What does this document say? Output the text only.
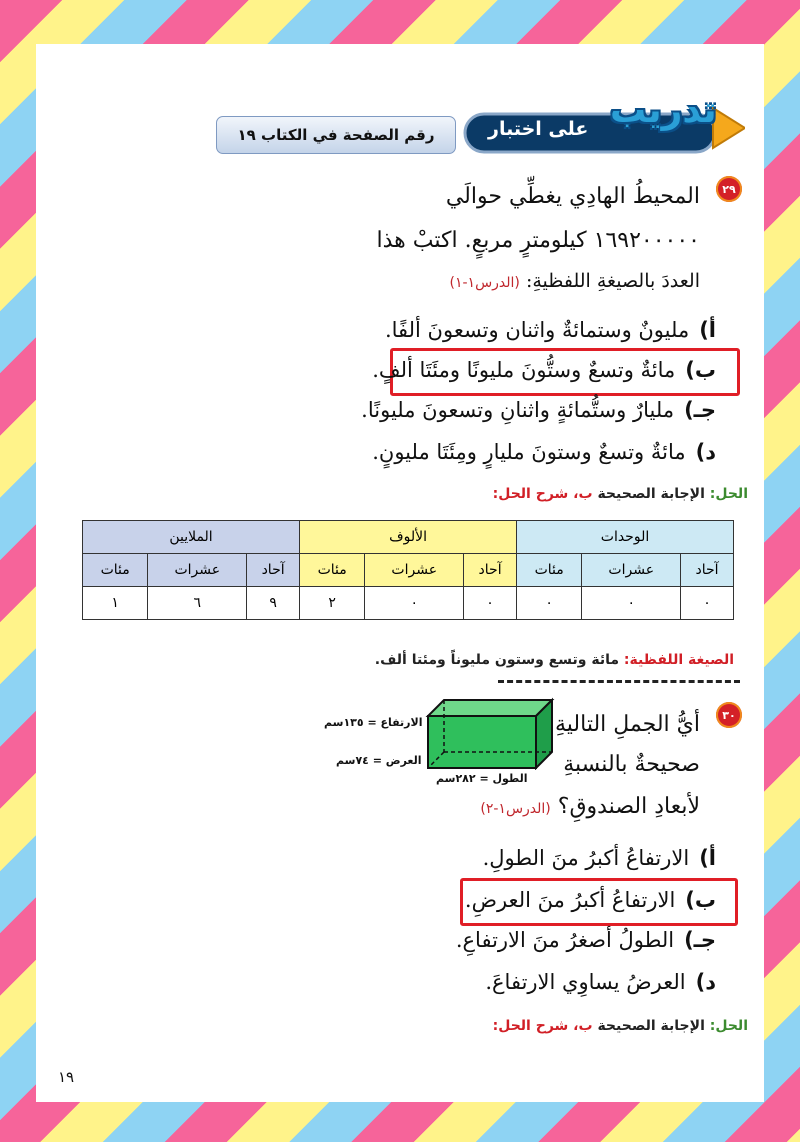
تدريب
على اختبار
رقم الصفحة في الكتاب ١٩
٢٩
المحيطُ الهادِي يغطِّي حوالَي
١٦٩٢٠٠٠٠٠ كيلومترٍ مربعٍ. اكتبْ هذا
العددَ بالصيغةِ اللفظيةِ: (الدرس١-١)
أ)مليونٌ وستمائةٌ واثنان وتسعونَ ألفًا.
ب)مائةٌ وتسعٌ وستُّونَ مليونًا ومئَتَا ألفٍ.
جـ)مليارٌ وستُّمائةٍ واثنانِ وتسعونَ مليونًا.
د)مائةٌ وتسعٌ وستونَ مليارٍ ومِئَتَا مليونٍ.
الحل: الإجابة الصحيحة ب، شرح الحل:
الوحدات			الألوف			الملايين		
آحاد	عشرات	مئات	آحاد	عشرات	مئات	آحاد	عشرات	مئات
٠	٠	٠	٠	٠	٢	٩	٦	١
الصيغة اللفظية: مائة وتسع وستون مليوناً ومئتا ألف.
٣٠
أيُّ الجملِ التاليةِ
صحيحةٌ بالنسبةِ
لأبعادِ الصندوقِ؟ (الدرس١-٢)
الارتفاع = ١٣٥سم
العرض = ٧٤سم
الطول = ٢٨٢سم
أ)الارتفاعُ أكبرُ منَ الطولِ.
ب)الارتفاعُ أكبرُ منَ العرضِ.
جـ)الطولُ أصغرُ منَ الارتفاعِ.
د)العرضُ يساوِي الارتفاعَ.
الحل: الإجابة الصحيحة ب، شرح الحل:
١٩
